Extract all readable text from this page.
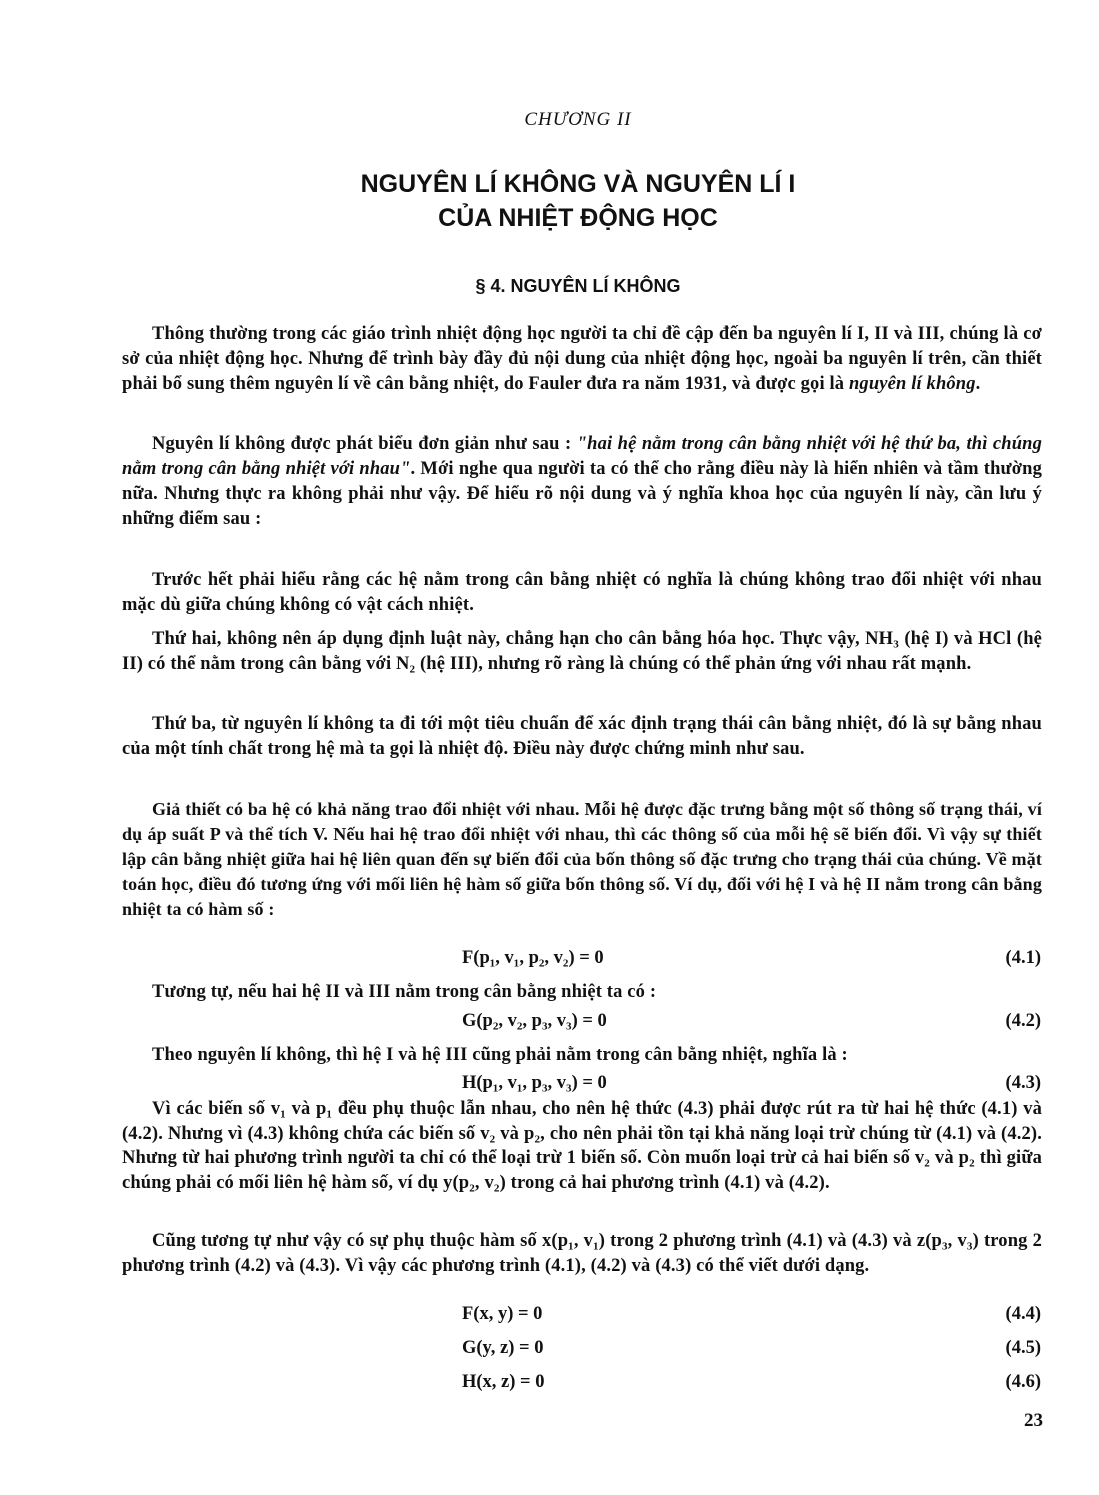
CHƯƠNG II
NGUYÊN LÍ KHÔNG VÀ NGUYÊN LÍ I
CỦA NHIỆT ĐỘNG HỌC
§ 4. NGUYÊN LÍ KHÔNG
Thông thường trong các giáo trình nhiệt động học người ta chỉ đề cập đến ba nguyên lí I, II và III, chúng là cơ sở của nhiệt động học. Nhưng để trình bày đầy đủ nội dung của nhiệt động học, ngoài ba nguyên lí trên, cần thiết phải bổ sung thêm nguyên lí về cân bằng nhiệt, do Fauler đưa ra năm 1931, và được gọi là nguyên lí không.
Nguyên lí không được phát biểu đơn giản như sau : "hai hệ nằm trong cân bằng nhiệt với hệ thứ ba, thì chúng nằm trong cân bằng nhiệt với nhau". Mới nghe qua người ta có thể cho rằng điều này là hiển nhiên và tầm thường nữa. Nhưng thực ra không phải như vậy. Để hiểu rõ nội dung và ý nghĩa khoa học của nguyên lí này, cần lưu ý những điểm sau :
Trước hết phải hiểu rằng các hệ nằm trong cân bằng nhiệt có nghĩa là chúng không trao đổi nhiệt với nhau mặc dù giữa chúng không có vật cách nhiệt.
Thứ hai, không nên áp dụng định luật này, chẳng hạn cho cân bằng hóa học. Thực vậy, NH₃ (hệ I) và HCl (hệ II) có thể nằm trong cân bằng với N₂ (hệ III), nhưng rõ ràng là chúng có thể phản ứng với nhau rất mạnh.
Thứ ba, từ nguyên lí không ta đi tới một tiêu chuẩn để xác định trạng thái cân bằng nhiệt, đó là sự bằng nhau của một tính chất trong hệ mà ta gọi là nhiệt độ. Điều này được chứng minh như sau.
Giả thiết có ba hệ có khả năng trao đổi nhiệt với nhau. Mỗi hệ được đặc trưng bằng một số thông số trạng thái, ví dụ áp suất P và thể tích V. Nếu hai hệ trao đổi nhiệt với nhau, thì các thông số của mỗi hệ sẽ biến đổi. Vì vậy sự thiết lập cân bằng nhiệt giữa hai hệ liên quan đến sự biến đổi của bốn thông số đặc trưng cho trạng thái của chúng. Về mặt toán học, điều đó tương ứng với mối liên hệ hàm số giữa bốn thông số. Ví dụ, đối với hệ I và hệ II nằm trong cân bằng nhiệt ta có hàm số :
F(p₁, v₁, p₂, v₂) = 0	(4.1)
Tương tự, nếu hai hệ II và III nằm trong cân bằng nhiệt ta có :
G(p₂, v₂, p₃, v₃) = 0	(4.2)
Theo nguyên lí không, thì hệ I và hệ III cũng phải nằm trong cân bằng nhiệt, nghĩa là :
H(p₁, v₁, p₃, v₃) = 0	(4.3)
Vì các biến số v₁ và p₁ đều phụ thuộc lẫn nhau, cho nên hệ thức (4.3) phải được rút ra từ hai hệ thức (4.1) và (4.2). Nhưng vì (4.3) không chứa các biến số v₂ và p₂, cho nên phải tồn tại khả năng loại trừ chúng từ (4.1) và (4.2). Nhưng từ hai phương trình người ta chỉ có thể loại trừ 1 biến số. Còn muốn loại trừ cả hai biến số v₂ và p₂ thì giữa chúng phải có mối liên hệ hàm số, ví dụ y(p₂, v₂) trong cả hai phương trình (4.1) và (4.2).
Cũng tương tự như vậy có sự phụ thuộc hàm số x(p₁, v₁) trong 2 phương trình (4.1) và (4.3) và z(p₃, v₃) trong 2 phương trình (4.2) và (4.3). Vì vậy các phương trình (4.1), (4.2) và (4.3) có thể viết dưới dạng.
F(x, y) = 0	(4.4)
G(y, z) = 0	(4.5)
H(x, z) = 0	(4.6)
23
